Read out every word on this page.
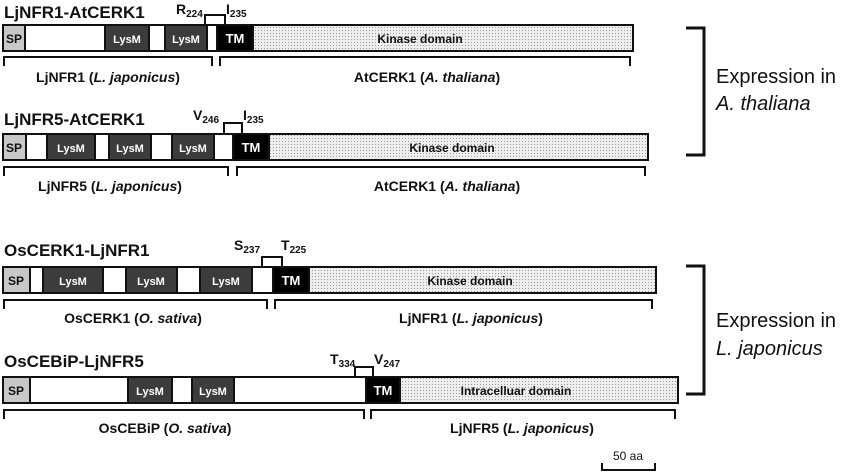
LjNFR1-AtCERK1 $R_{224}$ $I_{235}$
SP	LysM	LysM TM	Kinase domain
LjNFR1 (L. japonicus)	AtCERK1 (A. thaliana)
LjNFR5-AtCERK1	$V_{246}$ $I_{235}$
SP	LysM	LysM	LysM	TM	Kinase domain
LjNFR5 (L. japonicus)	AtCERK1 (A. thaliana)
OsCERK1-LjNFR1	$S_{237}$ $T_{225}$
SP	LysM	LysM	LysM	TM	Kinase domain
OsCERK1 (O. sativa)	LjNFR1 (L. japonicus)
OsCEBiP-LjNFR5	$T_{334}$ $V_{247}$
SP	LysM	LysM	TM	Intracelluar domain
OsCEBiP (O. sativa)	LjNFR5 (L. japonicus)
Expression in
A. thaliana
Expression in
L. japonicus
50 aa
